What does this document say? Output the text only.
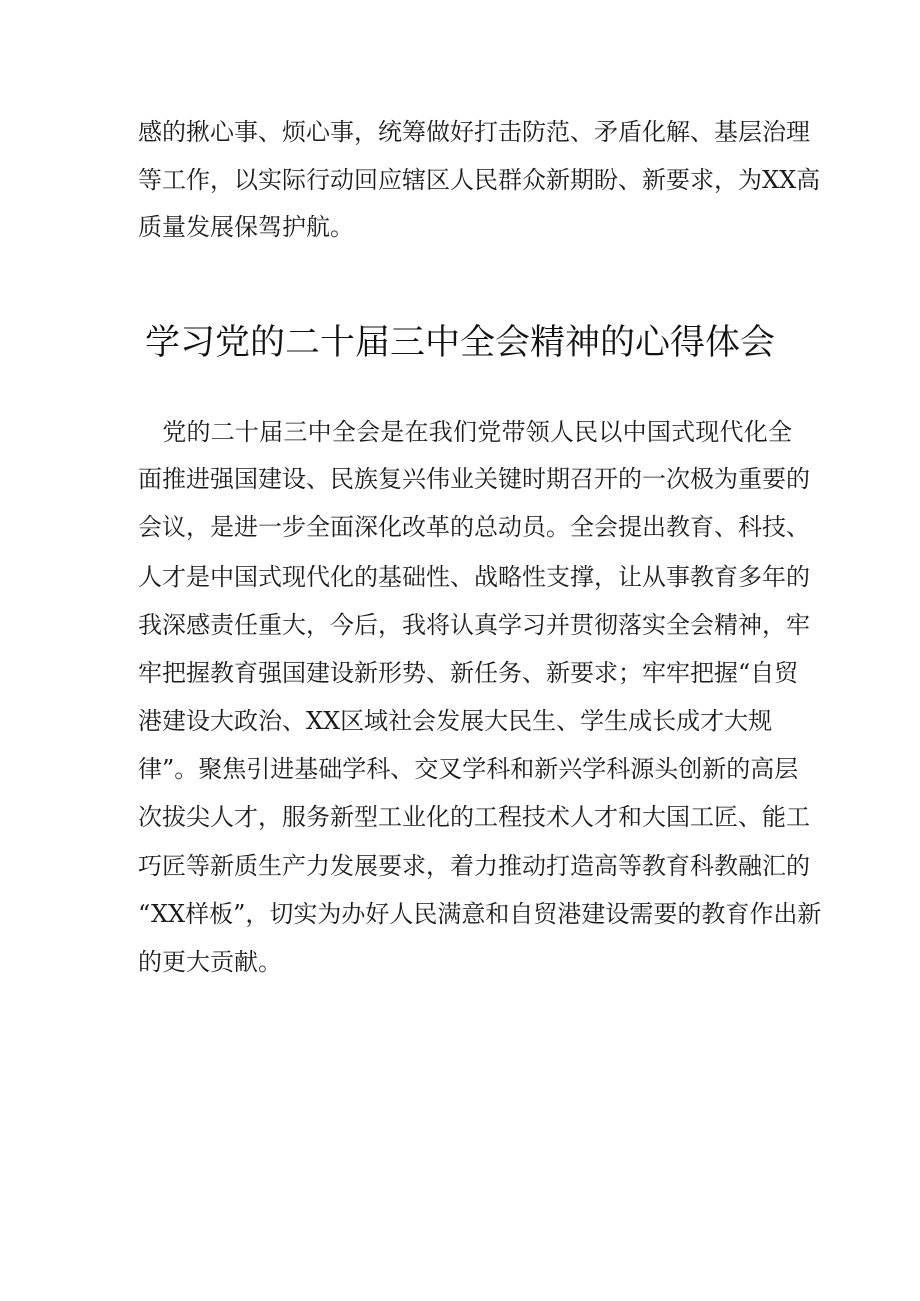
感的揪心事、烦心事，统筹做好打击防范、矛盾化解、基层治理
等工作，以实际行动回应辖区人民群众新期盼、新要求，为XX高
质量发展保驾护航。
学习党的二十届三中全会精神的心得体会
　党的二十届三中全会是在我们党带领人民以中国式现代化全
面推进强国建设、民族复兴伟业关键时期召开的一次极为重要的
会议，是进一步全面深化改革的总动员。全会提出教育、科技、
人才是中国式现代化的基础性、战略性支撑，让从事教育多年的
我深感责任重大，今后，我将认真学习并贯彻落实全会精神，牢
牢把握教育强国建设新形势、新任务、新要求；牢牢把握“自贸
港建设大政治、XX区域社会发展大民生、学生成长成才大规
律”。聚焦引进基础学科、交叉学科和新兴学科源头创新的高层
次拔尖人才，服务新型工业化的工程技术人才和大国工匠、能工
巧匠等新质生产力发展要求，着力推动打造高等教育科教融汇的
“XX样板”，切实为办好人民满意和自贸港建设需要的教育作出新
的更大贡献。
